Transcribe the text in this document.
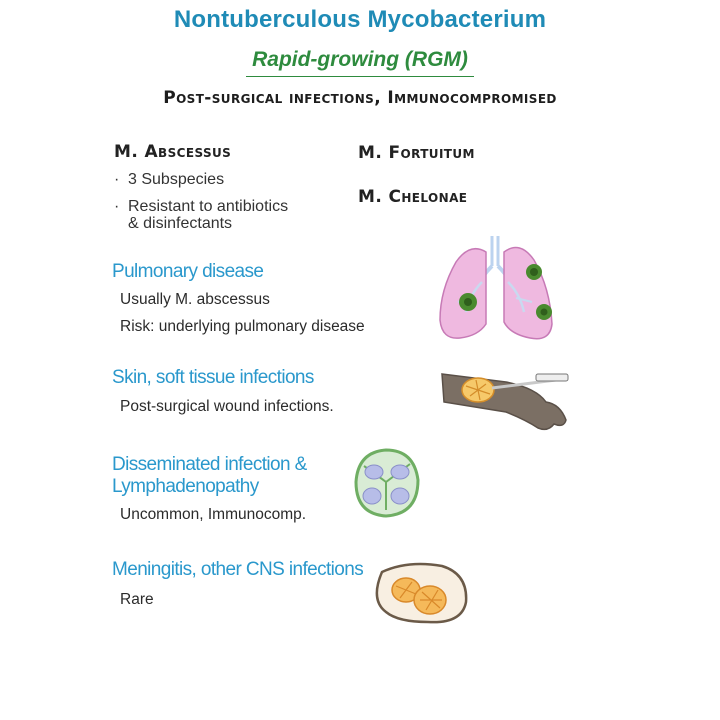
Nontuberculous Mycobacterium
Rapid-growing (RGM)
Post-surgical infections, Immunocompromised
M. Abscessus
· 3 Subspecies
· Resistant to antibiotics
& disinfectants
M. Fortuitum
M. Chelonae
Pulmonary disease
Usually M. abscessus
Risk: underlying pulmonary disease
Skin, soft tissue infections
Post-surgical wound infections.
Disseminated infection &
Lymphadenopathy
Uncommon, Immunocomp.
Meningitis, other CNS infections
Rare
